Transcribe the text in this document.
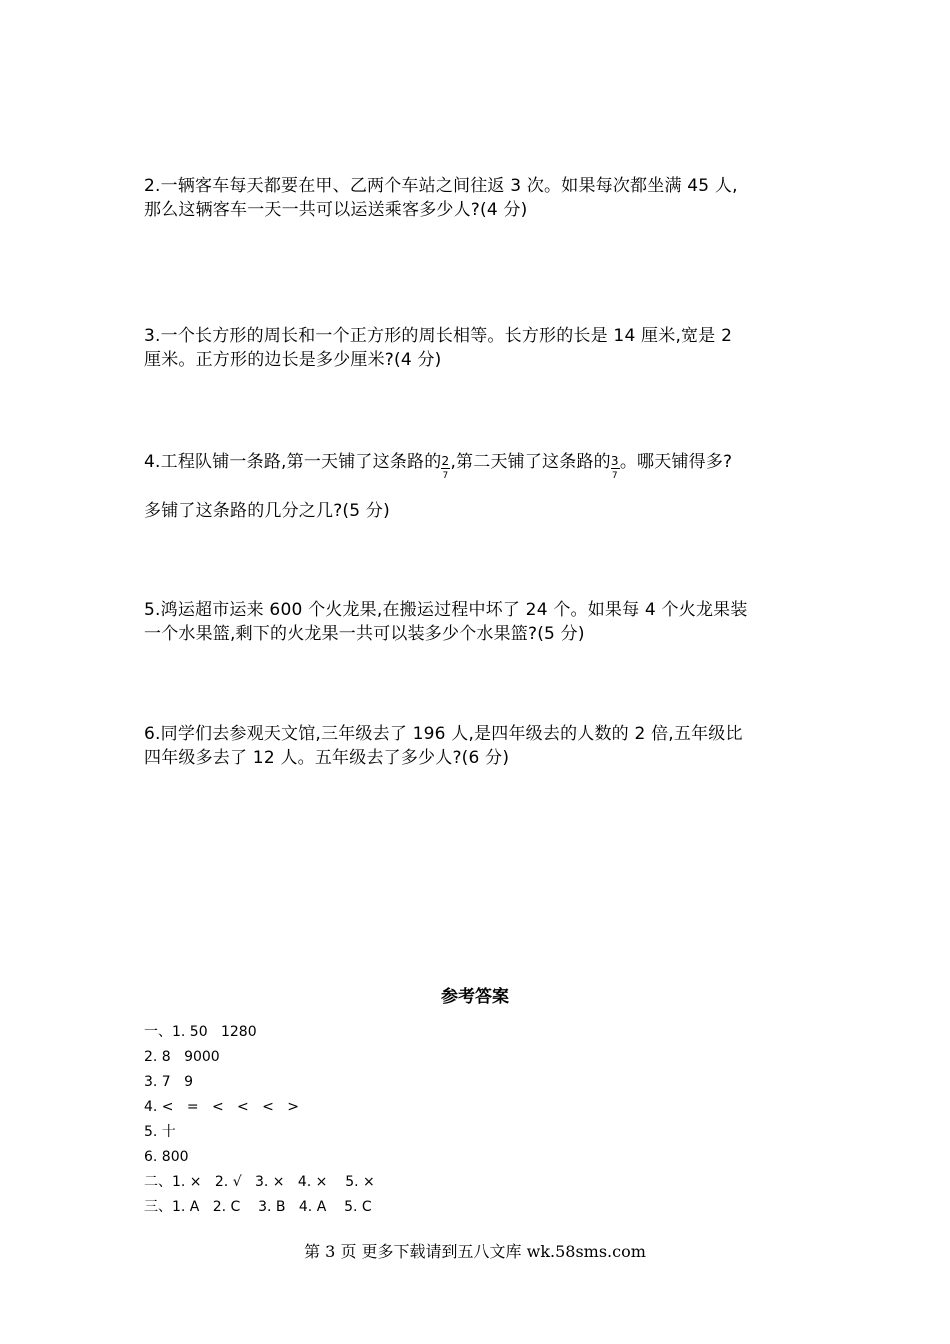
2.一辆客车每天都要在甲、乙两个车站之间往返 3 次。如果每次都坐满 45 人,
那么这辆客车一天一共可以运送乘客多少人?(4 分)
3.一个长方形的周长和一个正方形的周长相等。长方形的长是 14 厘米,宽是 2
厘米。正方形的边长是多少厘米?(4 分)
4.工程队铺一条路,第一天铺了这条路的 $\frac{2}{7}$ ,第二天铺了这条路的 $\frac{3}{7}$ 。哪天铺得多?
多铺了这条路的几分之几?(5 分)
5.鸿运超市运来 600 个火龙果,在搬运过程中坏了 24 个。如果每 4 个火龙果装
一个水果篮,剩下的火龙果一共可以装多少个水果篮?(5 分)
6.同学们去参观天文馆,三年级去了 196 人,是四年级去的人数的 2 倍,五年级比
四年级多去了 12 人。五年级去了多少人?(6 分)
参考答案
一、1. 50   1280
2. 8   9000
3. 7   9
4. <   =   <   <   <   >
5. 十
6. 800
二、1. ×   2. √   3. ×   4. ×    5. ×
三、1. A   2. C    3. B   4. A    5. C
第 3 页 更多下载请到五八文库 wk.58sms.com
